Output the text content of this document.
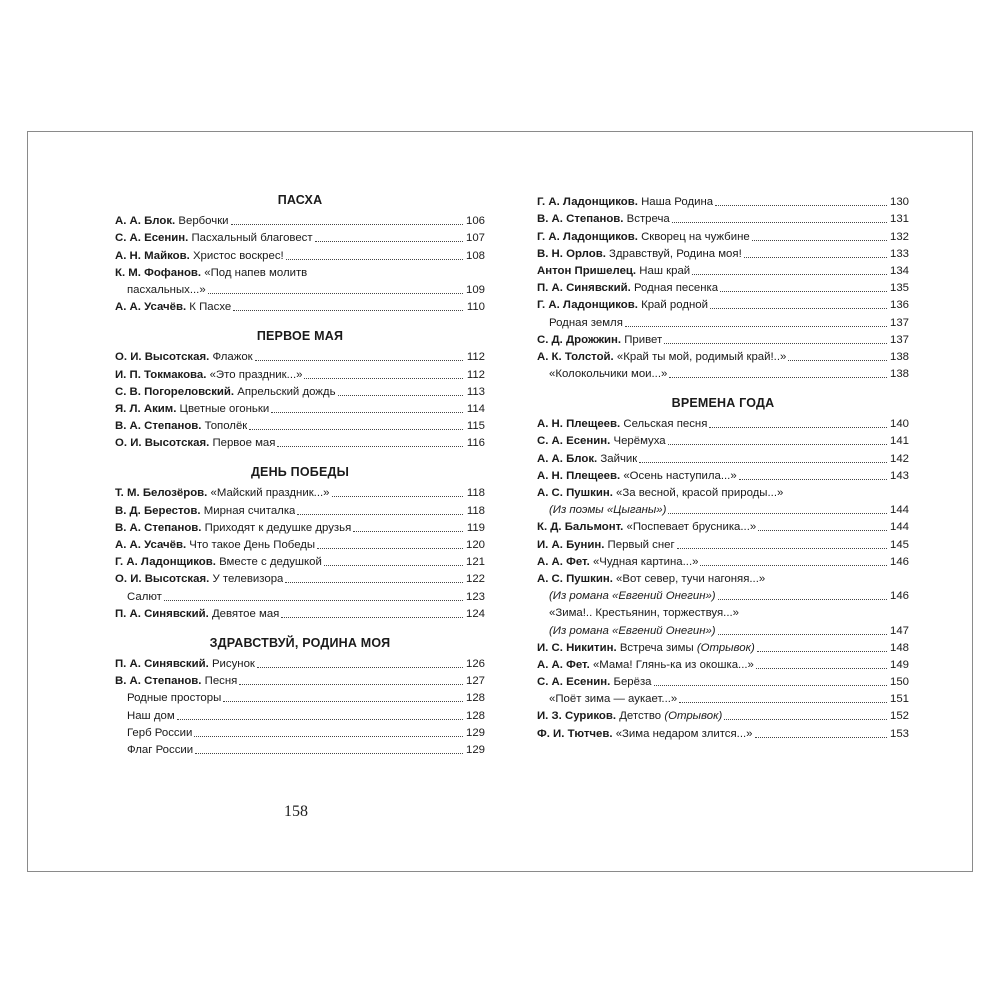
ПАСХА
А. А. Блок. Вербочки	106
С. А. Есенин. Пасхальный благовест	107
А. Н. Майков. Христос воскрес!	108
К. М. Фофанов. «Под напев молитв
пасхальных...»	109
А. А. Усачёв. К Пасхе	110
ПЕРВОЕ МАЯ
О. И. Высотская. Флажок	112
И. П. Токмакова. «Это праздник...»	112
С. В. Погореловский. Апрельский дождь	113
Я. Л. Аким. Цветные огоньки	114
В. А. Степанов. Тополёк	115
О. И. Высотская. Первое мая	116
ДЕНЬ ПОБЕДЫ
Т. М. Белозёров. «Майский праздник...»	118
В. Д. Берестов. Мирная считалка	118
В. А. Степанов. Приходят к дедушке друзья	119
А. А. Усачёв. Что такое День Победы	120
Г. А. Ладонщиков. Вместе с дедушкой	121
О. И. Высотская. У телевизора	122
Салют	123
П. А. Синявский. Девятое мая	124
ЗДРАВСТВУЙ, РОДИНА МОЯ
П. А. Синявский. Рисунок	126
В. А. Степанов. Песня	127
Родные просторы	128
Наш дом	128
Герб России	129
Флаг России	129
Г. А. Ладонщиков. Наша Родина	130
В. А. Степанов. Встреча	131
Г. А. Ладонщиков. Скворец на чужбине	132
В. Н. Орлов. Здравствуй, Родина моя!	133
Антон Пришелец. Наш край	134
П. А. Синявский. Родная песенка	135
Г. А. Ладонщиков. Край родной	136
Родная земля	137
С. Д. Дрожжин. Привет	137
А. К. Толстой. «Край ты мой, родимый край!..»	138
«Колокольчики мои...»	138
ВРЕМЕНА ГОДА
А. Н. Плещеев. Сельская песня	140
С. А. Есенин. Черёмуха	141
А. А. Блок. Зайчик	142
А. Н. Плещеев. «Осень наступила...»	143
А. С. Пушкин. «За весной, красой природы...»
(Из поэмы «Цыганы»)	144
К. Д. Бальмонт. «Поспевает брусника...»	144
И. А. Бунин. Первый снег	145
А. А. Фет. «Чудная картина...»	146
А. С. Пушкин. «Вот север, тучи нагоняя...»
(Из романа «Евгений Онегин»)	146
«Зима!.. Крестьянин, торжествуя...»
(Из романа «Евгений Онегин»)	147
И. С. Никитин. Встреча зимы (Отрывок)	148
А. А. Фет. «Мама! Глянь-ка из окошка...»	149
С. А. Есенин. Берёза	150
«Поёт зима — аукает...»	151
И. З. Суриков. Детство (Отрывок)	152
Ф. И. Тютчев. «Зима недаром злится...»	153
158
